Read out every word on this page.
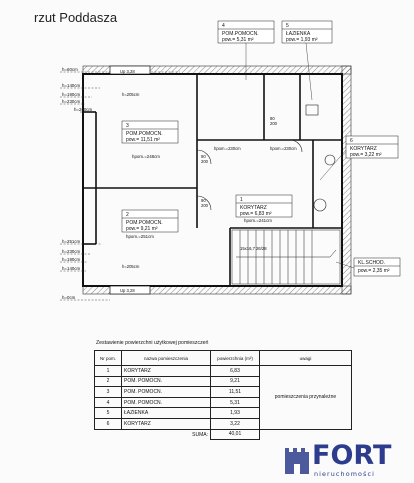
rzut Poddasza
h=60cm
h=140cm
h=190cm
h=230cm
h=260cm
h=251cm
h=230cm
h=190cm
h=140cm
h=0cm
4
POM.POMOCN.
pow.= 5,31 m²
5
ŁAZIENKA
pow.= 1,93 m²
3
POM.POMOCN.
pow.= 11,51 m²
hpom.=248cm
6
KORYTARZ
pow.= 3,22 m²
1
KORYTARZ
pow.= 6,83 m²
hpom.=241cm
2
POM.POMOCN.
pow.= 9,21 m²
hpom.=251cm
KL.SCHOD.
pow.= 2,35 m²
h=205cm
h=205cm
hpom.=230cm	hpom.=230cm
Up 3,28
Up 3,28
15x16,7 26/28
90
200
90
200
80
200
Zestawienie powierzchni użytkowej pomieszczeń
Nr pom.	nazwa pomieszczenia	powierzchnia (m²)	uwagi
1	KORYTARZ	6,83	pomieszczenia przynależne
2	POM. POMOCN.	9,21	
3	POM. POMOCN.	11,51	
4	POM. POMOCN.	5,31	
5	ŁAZIENKA	1,93	
6	KORYTARZ	3,22	
	SUMA:	40,01	
FORT
nieruchomości
